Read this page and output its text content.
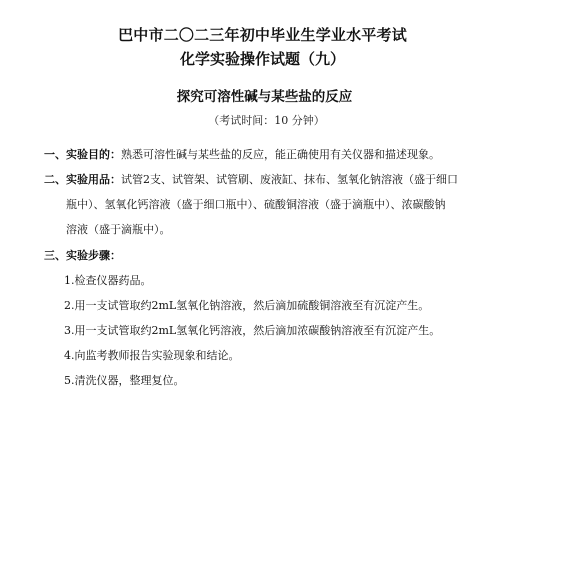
巴中市二〇二三年初中毕业生学业水平考试
化学实验操作试题（九）
探究可溶性碱与某些盐的反应
（考试时间：10 分钟）
一、实验目的：熟悉可溶性碱与某些盐的反应，能正确使用有关仪器和描述现象。
二、实验用品：试管2支、试管架、试管刷、废液缸、抹布、氢氧化钠溶液（盛于细口
瓶中）、氢氧化钙溶液（盛于细口瓶中）、硫酸铜溶液（盛于滴瓶中）、浓碳酸钠
溶液（盛于滴瓶中）。
三、实验步骤：
1.检查仪器药品。
2.用一支试管取约2mL氢氧化钠溶液，然后滴加硫酸铜溶液至有沉淀产生。
3.用一支试管取约2mL氢氧化钙溶液，然后滴加浓碳酸钠溶液至有沉淀产生。
4.向监考教师报告实验现象和结论。
5.清洗仪器，整理复位。
